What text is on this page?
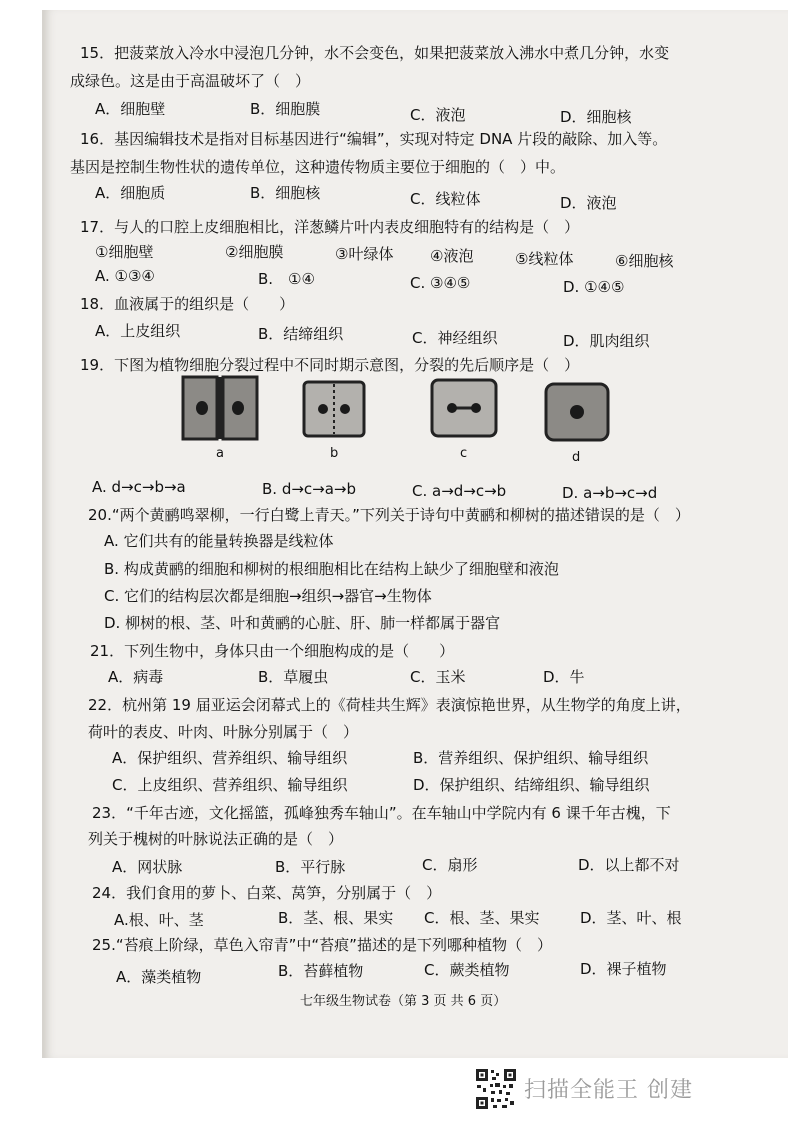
15．把菠菜放入冷水中浸泡几分钟，水不会变色，如果把菠菜放入沸水中煮几分钟，水变
成绿色。这是由于高温破坏了（　）
A．细胞壁	B．细胞膜	C．液泡	D．细胞核
16．基因编辑技术是指对目标基因进行“编辑”，实现对特定 DNA 片段的敲除、加入等。
基因是控制生物性状的遗传单位，这种遗传物质主要位于细胞的（　）中。
A．细胞质	B．细胞核	C．线粒体	D．液泡
17．与人的口腔上皮细胞相比，洋葱鳞片叶内表皮细胞特有的结构是（　）
①细胞壁	②细胞膜	③叶绿体 ④液泡	⑤线粒体	⑥细胞核
A. ①③④	B.　①④	C. ③④⑤	D. ①④⑤
18．血液属于的组织是（　　）
A．上皮组织	B．结缔组织	C．神经组织	D．肌肉组织
19．下图为植物细胞分裂过程中不同时期示意图，分裂的先后顺序是（　）
a	b	c	d
A. d→c→b→a	B. d→c→a→b	C. a→d→c→b	D. a→b→c→d
20.“两个黄鹂鸣翠柳，一行白鹭上青天。”下列关于诗句中黄鹂和柳树的描述错误的是（　）
A. 它们共有的能量转换器是线粒体
B. 构成黄鹂的细胞和柳树的根细胞相比在结构上缺少了细胞壁和液泡
C. 它们的结构层次都是细胞→组织→器官→生物体
D. 柳树的根、茎、叶和黄鹂的心脏、肝、肺一样都属于器官
21．下列生物中，身体只由一个细胞构成的是（　　）
A．病毒	B．草履虫	C．玉米	D．牛
22．杭州第 19 届亚运会闭幕式上的《荷桂共生辉》表演惊艳世界，从生物学的角度上讲，
荷叶的表皮、叶肉、叶脉分别属于（　）
A．保护组织、营养组织、输导组织	B．营养组织、保护组织、输导组织
C．上皮组织、营养组织、输导组织	D．保护组织、结缔组织、输导组织
23．“千年古迹，文化摇篮，孤峰独秀车轴山”。在车轴山中学院内有 6 课千年古槐，下
列关于槐树的叶脉说法正确的是（　）
A．网状脉	B．平行脉	C．扇形	D．以上都不对
24．我们食用的萝卜、白菜、莴笋，分别属于（　）
A.根、叶、茎	B．茎、根、果实 C．根、茎、果实	D．茎、叶、根
25.“苔痕上阶绿，草色入帘青”中“苔痕”描述的是下列哪种植物（　）
A．藻类植物	B．苔藓植物	C．蕨类植物	D．裸子植物
七年级生物试卷（第 3 页 共 6 页）
扫描全能王 创建
